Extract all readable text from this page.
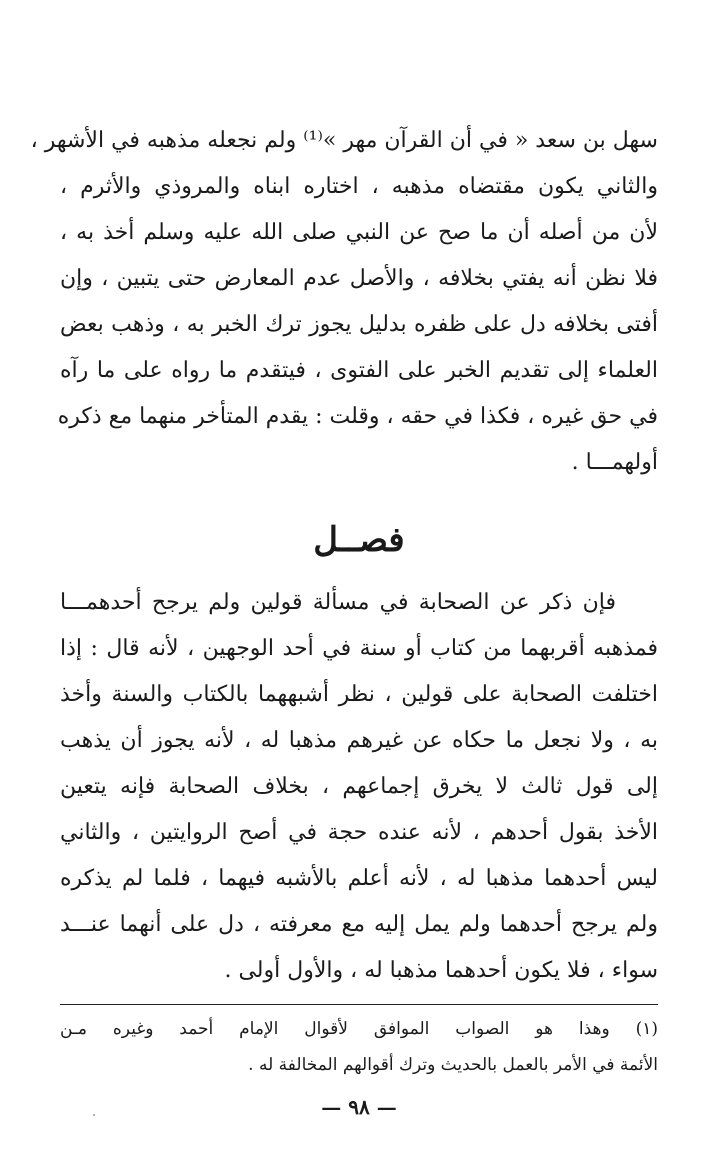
سهل بن سعد « في أن القرآن مهر »⁽¹⁾ ولم نجعله مذهبه في الأشهر ،
والثاني يكون مقتضاه مذهبه ، اختاره ابناه والمروذي والأثرم ،
لأن من أصله أن ما صح عن النبي صلى الله عليه وسلم أخذ به ،
فلا نظن أنه يفتي بخلافه ، والأصل عدم المعارض حتى يتبين ، وإن
أفتى بخلافه دل على ظفره بدليل يجوز ترك الخبر به ، وذهب بعض
العلماء إلى تقديم الخبر على الفتوى ، فيتقدم ما رواه على ما رآه
في حق غيره ، فكذا في حقه ، وقلت : يقدم المتأخر منهما مع ذكره
أولهمـــا .
فصــل
فإن ذكر عن الصحابة في مسألة قولين ولم يرجح أحدهمـــا
فمذهبه أقربهما من كتاب أو سنة في أحد الوجهين ، لأنه قال : إذا
اختلفت الصحابة على قولين ، نظر أشبههما بالكتاب والسنة وأخذ
به ، ولا نجعل ما حكاه عن غيرهم مذهبا له ، لأنه يجوز أن يذهب
إلى قول ثالث لا يخرق إجماعهم ، بخلاف الصحابة فإنه يتعين
الأخذ بقول أحدهم ، لأنه عنده حجة في أصح الروايتين ، والثاني
ليس أحدهما مذهبا له ، لأنه أعلم بالأشبه فيهما ، فلما لم يذكره
ولم يرجح أحدهما ولم يمل إليه مع معرفته ، دل على أنهما عنـــد
سواء ، فلا يكون أحدهما مذهبا له ، والأول أولى .
(١) وهذا هو الصواب الموافق لأقوال الإمام أحمد وغيره مـن
الأئمة في الأمر بالعمل بالحديث وترك أقوالهم المخالفة له .
— ٩٨ —
